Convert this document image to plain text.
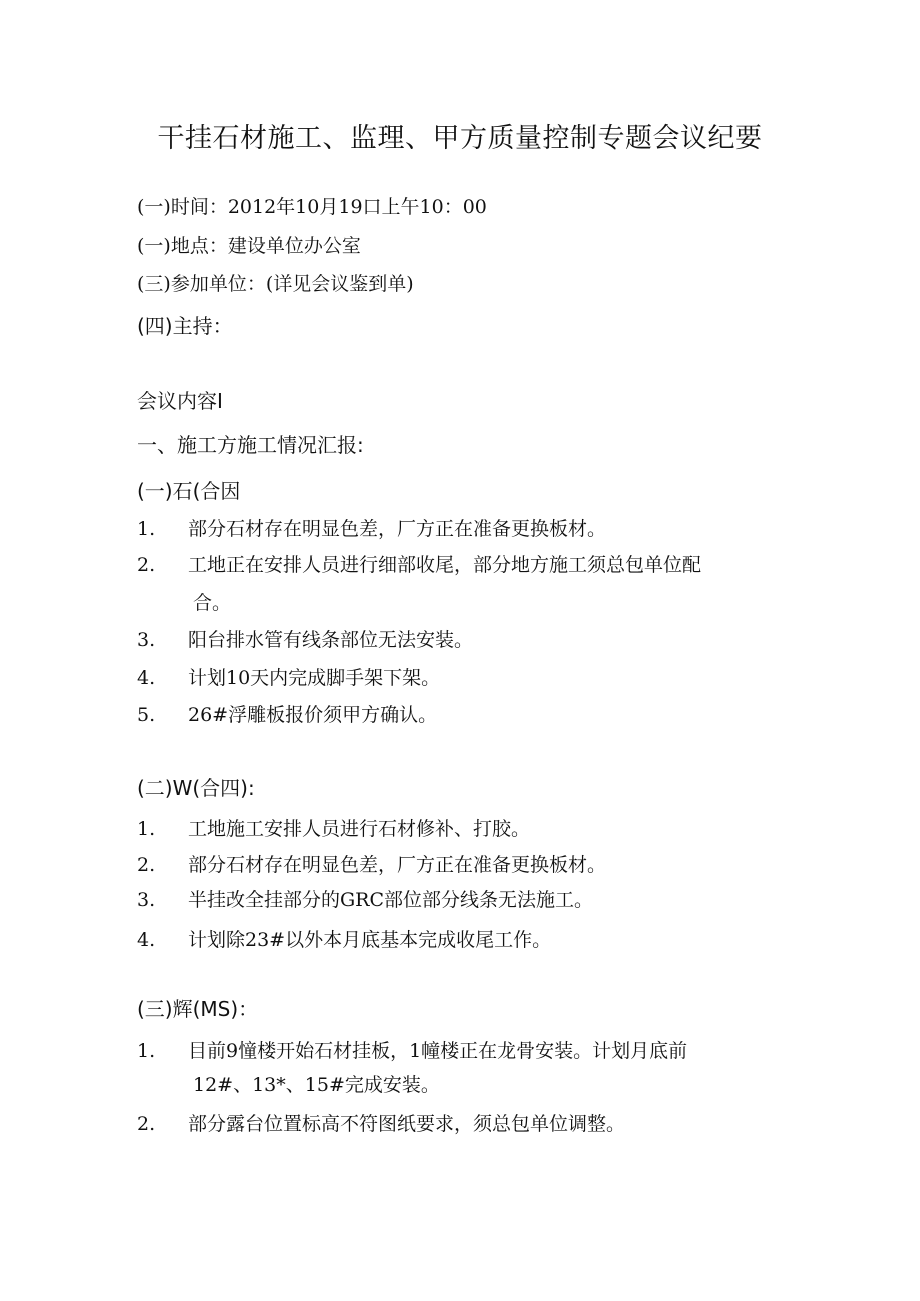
干挂石材施工、监理、甲方质量控制专题会议纪要
(一)时间：2012年10月19口上午10：00
(一)地点：建设单位办公室
(三)参加单位：(详见会议鉴到单)
(四)主持：
会议内容I
一、施工方施工情况汇报:
(一)石(合因
1. 部分石材存在明显色差，厂方正在准备更换板材。
2. 工地正在安排人员进行细部收尾，部分地方施工须总包单位配
合。
3. 阳台排水管有线条部位无法安装。
4. 计划10天内完成脚手架下架。
5. 26#浮雕板报价须甲方确认。
(二)W(合四):
1. 工地施工安排人员进行石材修补、打胶。
2. 部分石材存在明显色差，厂方正在准备更换板材。
3. 半挂改全挂部分的GRC部位部分线条无法施工。
4. 计划除23#以外本月底基本完成收尾工作。
(三)辉(MS)：
1. 目前9憧楼开始石材挂板，1幢楼正在龙骨安装。计划月底前
12#、13*、15#完成安装。
2. 部分露台位置标高不符图纸要求，须总包单位调整。
